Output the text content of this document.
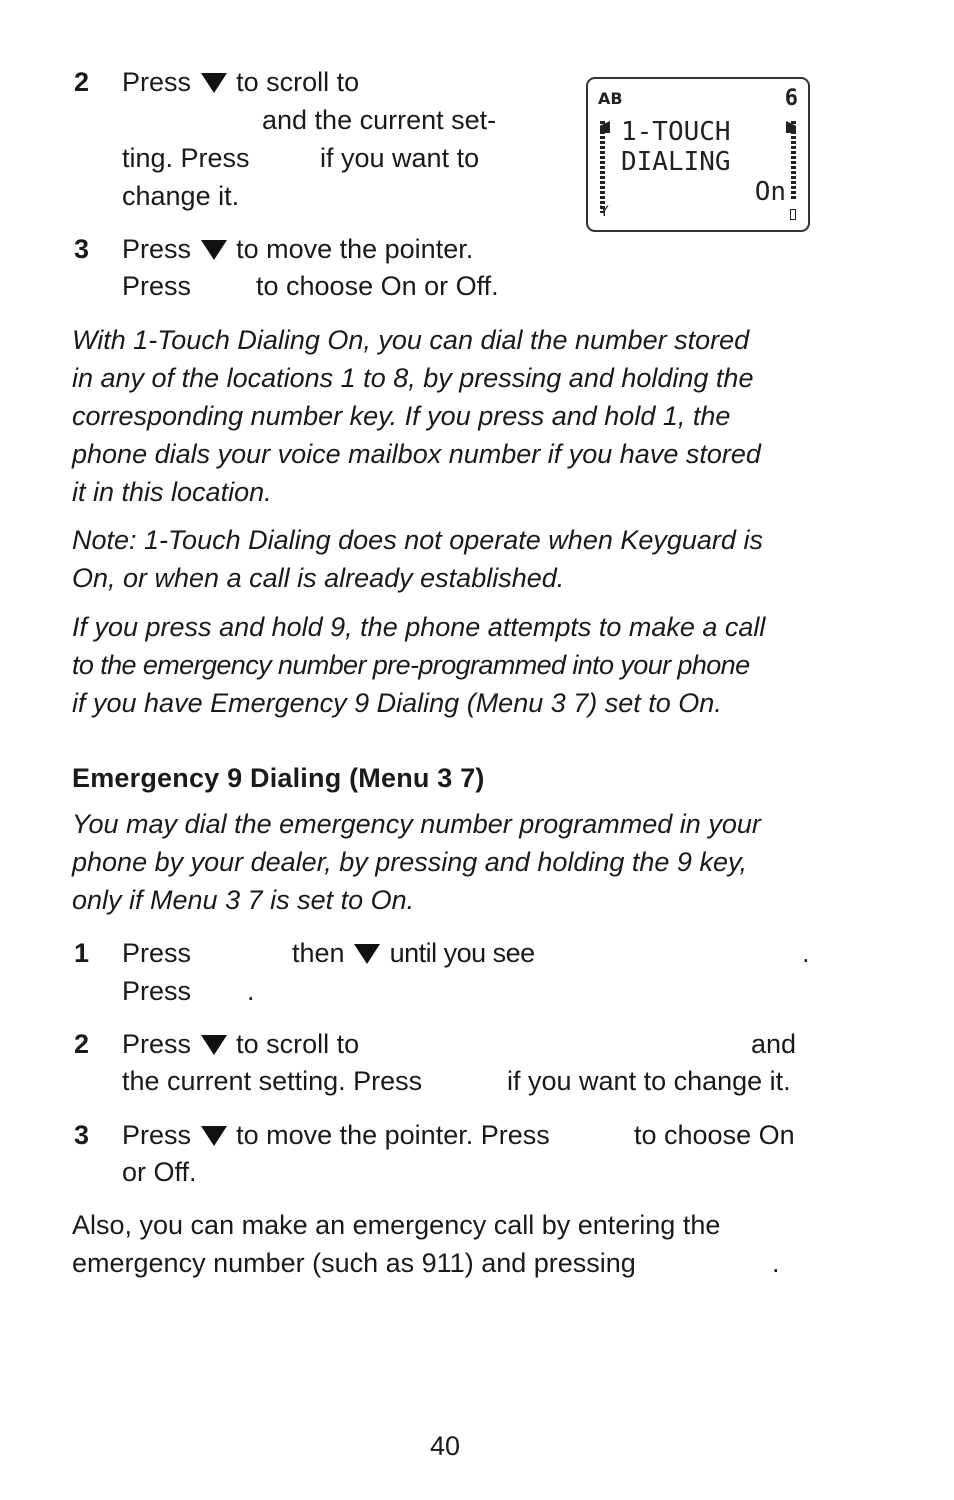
2 Press to scroll to
and the current set-
ting. Press	if you want to
change it.
3 Press to move the pointer.
Press to choose On or Off.
AB	6
1-TOUCH
DIALING
On
Y
With 1-Touch Dialing On, you can dial the number stored
in any of the locations 1 to 8, by pressing and holding the
corresponding number key. If you press and hold 1, the
phone dials your voice mailbox number if you have stored
it in this location.
Note: 1-Touch Dialing does not operate when Keyguard is
On, or when a call is already established.
If you press and hold 9, the phone attempts to make a call
to the emergency number pre-programmed into your phone
if you have Emergency 9 Dialing (Menu 3 7) set to On.
Emergency 9 Dialing (Menu 3 7)
You may dial the emergency number programmed in your
phone by your dealer, by pressing and holding the 9 key,
only if Menu 3 7 is set to On.
1 Press	then until you see	.
Press .
2 Press to scroll to	and
the current setting. Press	if you want to change it.
3 Press to move the pointer. Press	to choose On
or Off.
Also, you can make an emergency call by entering the
emergency number (such as 911) and pressing	.
40
